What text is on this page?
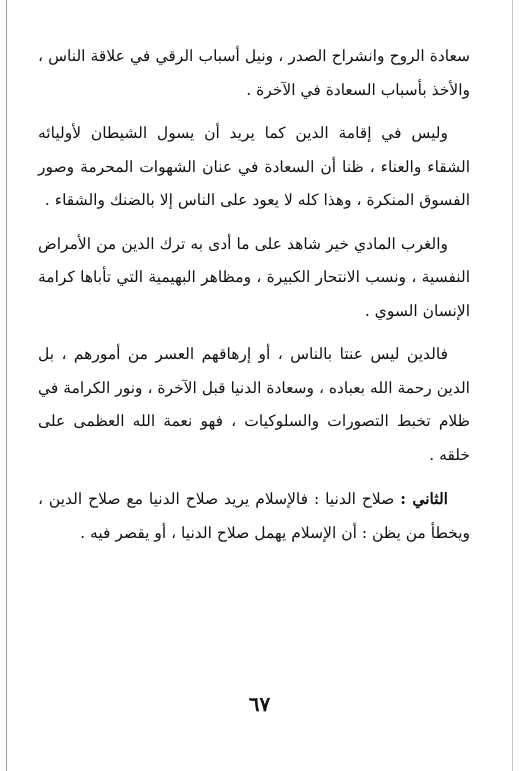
سعادة الروح وانشراح الصدر ، ونيل أسباب الرقي في علاقة الناس ، والأخذ بأسباب السعادة في الآخرة .

وليس في إقامة الدين كما يريد أن يسول الشيطان لأوليائه الشقاء والعناء ، ظنا أن السعادة في عنان الشهوات المحرمة وصور الفسوق المنكرة ، وهذا كله لا يعود على الناس إلا بالضنك والشقاء .

والغرب المادي خير شاهد على ما أدى به ترك الدين من الأمراض النفسية ، ونسب الانتحار الكبيرة ، ومظاهر البهيمية التي تأباها كرامة الإنسان السوي .

فالدين ليس عنتا بالناس ، أو إرهاقهم العسر من أمورهم ، بل الدين رحمة الله بعباده ، وسعادة الدنيا قبل الآخرة ، ونور الكرامة في ظلام تخبط التصورات والسلوكيات ، فهو نعمة الله العظمى على خلقه .

الثاني : صلاح الدنيا : فالإسلام يريد صلاح الدنيا مع صلاح الدين ، ويخطأ من يظن : أن الإسلام يهمل صلاح الدنيا ، أو يقصر فيه .

٦٧
